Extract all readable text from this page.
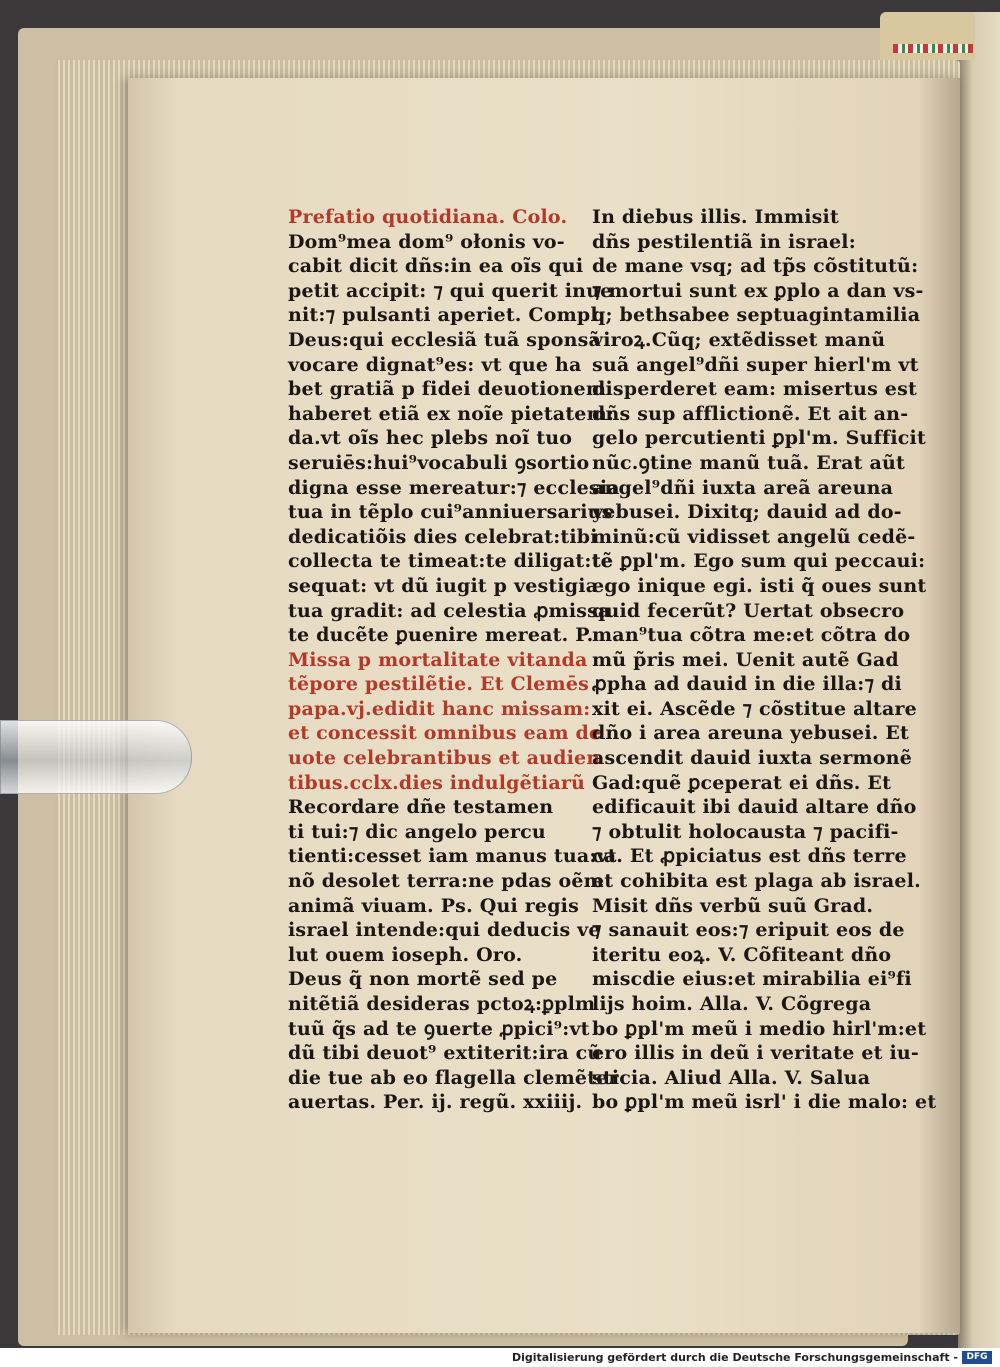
Prefatio quotidiana. Colo.
Dom⁹mea dom⁹ ołonis vo-
cabit dicit dñs:in ea oĩs qui
petit accipit: ⁊ qui querit inue
nit:⁊ pulsanti aperiet. Compl.
Deus:qui ecclesiã tuã sponsã
vocare dignat⁹es: vt que ha
bet gratiã p fidei deuotionem
haberet etiã ex noĩe pietatem:
da.vt oĩs hec plebs noĩ tuo
seruiēs:hui⁹vocabuli ꝯsortio
digna esse mereatur:⁊ ecclesia
tua in tẽplo cui⁹anniuersarius
dedicatiõis dies celebrat:tibi
collecta te timeat:te diligat:te
sequat: vt dũ iugit p vestigia
tua gradit: ad celestia ꝓmissa
te ducẽte ꝑuenire mereat. P.
Missa p mortalitate vitanda
tẽpore pestilẽtie. Et Clemēs
papa.vj.edidit hanc missam:
et concessit omnibus eam de
uote celebrantibus et audien
tibus.cclx.dies indulgẽtiarũ
Recordare dñe testamen
ti tui:⁊ dic angelo percu
tienti:cesset iam manus tua:vt
nõ desolet terra:ne pdas oẽm
animã viuam. Ps. Qui regis
israel intende:qui deducis ve
lut ouem ioseph. Oro.
Deus q̃ non mortẽ sed pe
nitẽtiã desideras pctoꝝ:ꝑplm
tuũ q̃s ad te ꝯuerte ꝓpici⁹:vt
dũ tibi deuot⁹ extiterit:ira cũ
die tue ab eo flagella clemẽter
auertas. Per. ij. regũ. xxiiij.
In diebus illis. Immisit
dñs pestilentiã in israel:
de mane vsq; ad tp̃s cõstitutũ:
⁊ mortui sunt ex ꝑplo a dan vs-
q; bethsabee septuagintamilia
viroꝝ.Cũq; extẽdisset manũ
suã angel⁹dñi super hierl'm vt
disperderet eam: misertus est
dñs sup afflictionẽ. Et ait an-
gelo percutienti ꝑpl'm. Sufficit
nũc.ꝯtine manũ tuã. Erat aũt
angel⁹dñi iuxta areã areuna
yebusei. Dixitq; dauid ad do-
minũ:cũ vidisset angelũ cedẽ-
tẽ ꝑpl'm. Ego sum qui peccaui:
ego inique egi. isti q̃ oues sunt
quid fecerũt? Uertat obsecro
man⁹tua cõtra me:et cõtra do
mũ p̃ris mei. Uenit autẽ Gad
ꝓpha ad dauid in die illa:⁊ di
xit ei. Ascẽde ⁊ cõstitue altare
dño i area areuna yebusei. Et
ascendit dauid iuxta sermonẽ
Gad:quẽ ꝑceperat ei dñs. Et
edificauit ibi dauid altare dño
⁊ obtulit holocausta ⁊ pacifi-
ca. Et ꝓpiciatus est dñs terre
et cohibita est plaga ab israel.
Misit dñs verbũ suũ Grad.
⁊ sanauit eos:⁊ eripuit eos de
iteritu eoꝝ. V. Cõfiteant dño
miscdie eius:et mirabilia ei⁹fi
lijs hoim. Alla. V. Cõgrega
bo ꝑpl'm meũ i medio hirl'm:et
ero illis in deũ i veritate et iu-
sticia. Aliud Alla. V. Salua
bo ꝑpl'm meũ isrl' i die malo: et
Digitalisierung gefördert durch die Deutsche Forschungsgemeinschaft - DFG
